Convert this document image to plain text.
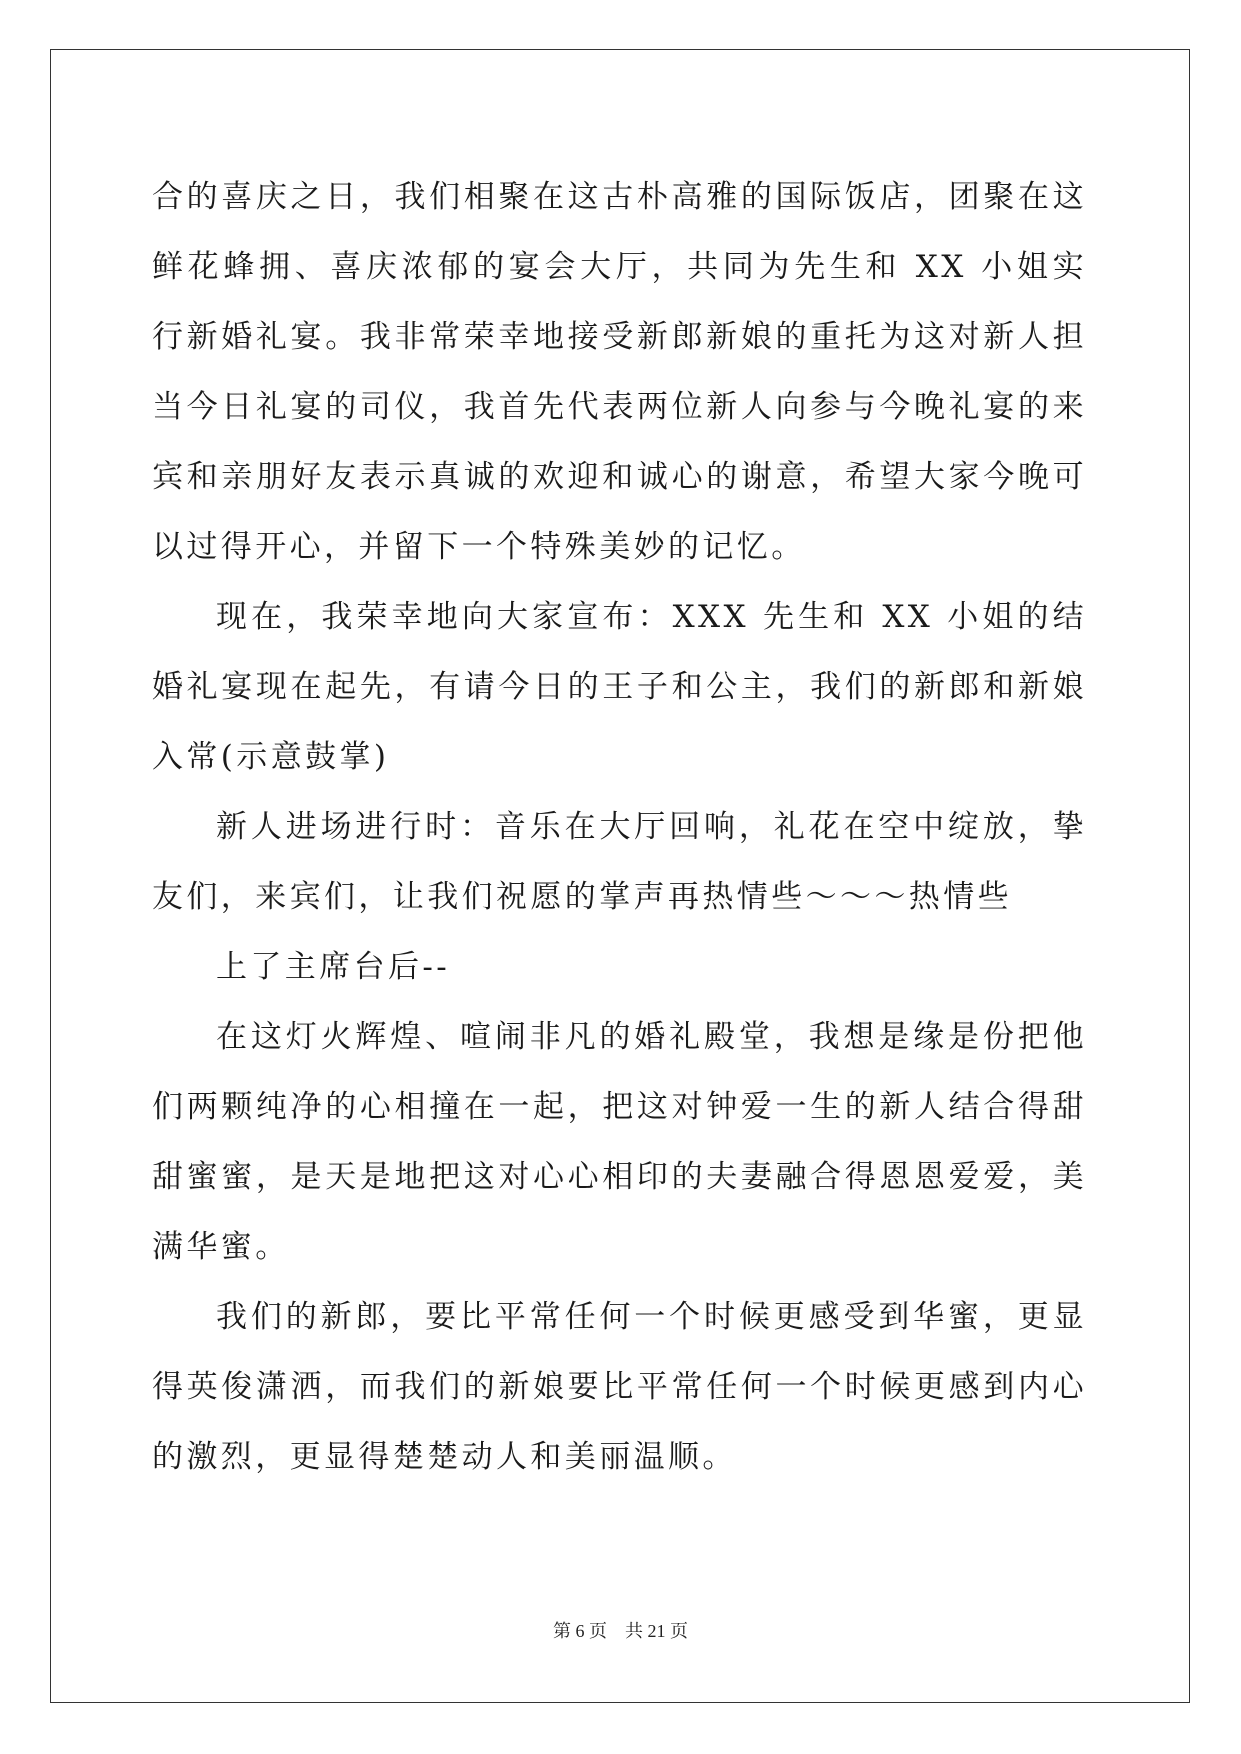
合的喜庆之日，我们相聚在这古朴高雅的国际饭店，团聚在这鲜花蜂拥、喜庆浓郁的宴会大厅，共同为先生和 XX 小姐实行新婚礼宴。我非常荣幸地接受新郎新娘的重托为这对新人担当今日礼宴的司仪，我首先代表两位新人向参与今晚礼宴的来宾和亲朋好友表示真诚的欢迎和诚心的谢意，希望大家今晚可以过得开心，并留下一个特殊美妙的记忆。

现在，我荣幸地向大家宣布：XXX 先生和 XX 小姐的结婚礼宴现在起先，有请今日的王子和公主，我们的新郎和新娘入常(示意鼓掌)

新人进场进行时：音乐在大厅回响，礼花在空中绽放，挚友们，来宾们，让我们祝愿的掌声再热情些～～～热情些

上了主席台后--

在这灯火辉煌、喧闹非凡的婚礼殿堂，我想是缘是份把他们两颗纯净的心相撞在一起，把这对钟爱一生的新人结合得甜甜蜜蜜，是天是地把这对心心相印的夫妻融合得恩恩爱爱，美满华蜜。

我们的新郎，要比平常任何一个时候更感受到华蜜，更显得英俊潇洒，而我们的新娘要比平常任何一个时候更感到内心的激烈，更显得楚楚动人和美丽温顺。

第 6 页　共 21 页
